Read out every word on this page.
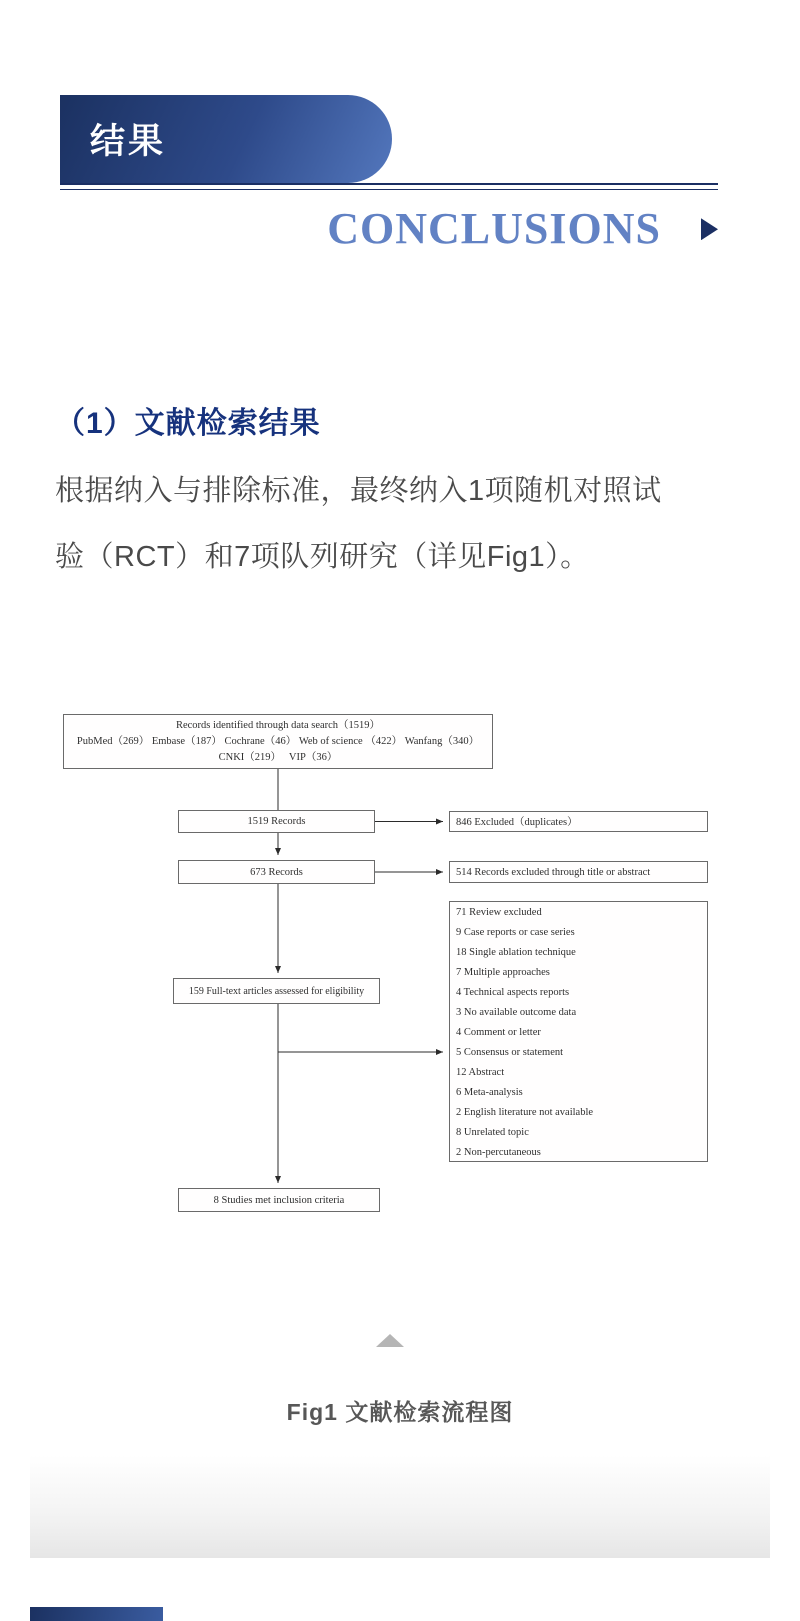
结果
CONCLUSIONS
（1）文献检索结果
根据纳入与排除标准，最终纳入1项随机对照试
验（RCT）和7项队列研究（详见Fig1）。
Records identified through data search（1519）
PubMed（269） Embase（187） Cochrane（46） Web of science （422） Wanfang（340）
CNKI（219）   VIP（36）
1519 Records	846 Excluded（duplicates）
673 Records	514 Records excluded through title or abstract
71 Review excluded
9 Case reports or case series
18 Single ablation technique
7 Multiple approaches
4 Technical aspects reports
3 No available outcome data
4 Comment or letter
5 Consensus or statement
12 Abstract
6 Meta-analysis
2 English literature not available
8 Unrelated topic
2 Non-percutaneous
159 Full-text articles assessed for eligibility
8 Studies met inclusion criteria
Fig1 文献检索流程图
